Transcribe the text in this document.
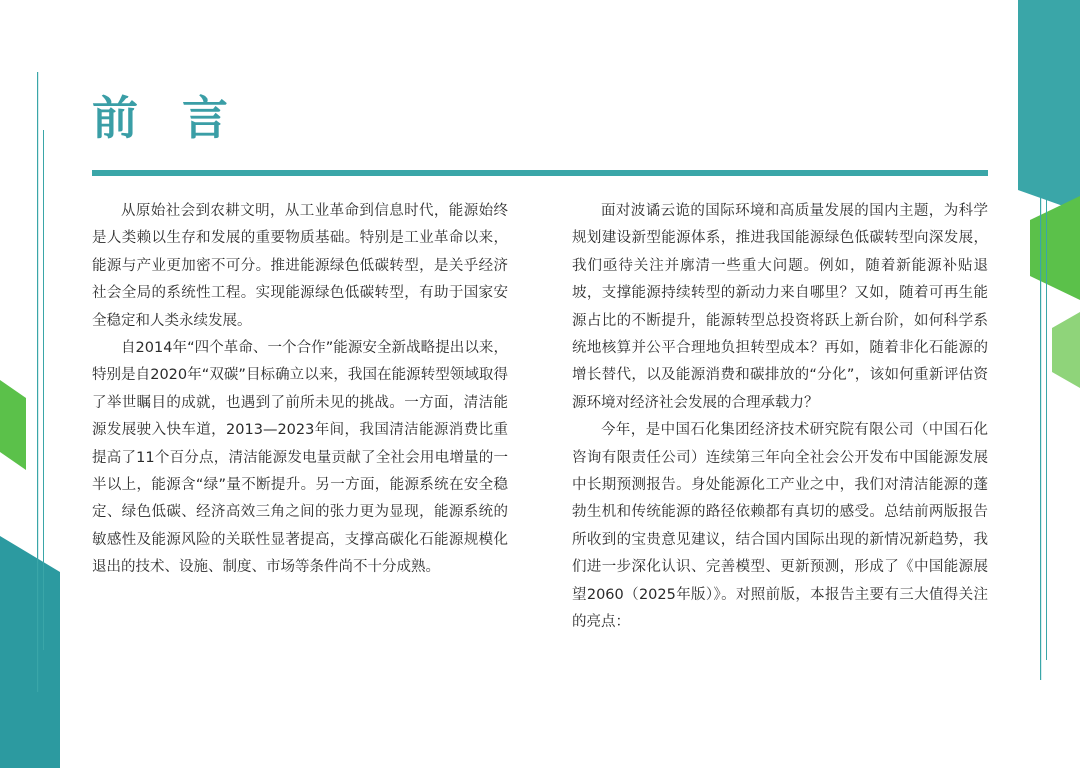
前 言

从原始社会到农耕文明，从工业革命到信息时代，能源始终是人类赖以生存和发展的重要物质基础。特别是工业革命以来，能源与产业更加密不可分。推进能源绿色低碳转型，是关乎经济社会全局的系统性工程。实现能源绿色低碳转型，有助于国家安全稳定和人类永续发展。

自2014年“四个革命、一个合作”能源安全新战略提出以来，特别是自2020年“双碳”目标确立以来，我国在能源转型领域取得了举世瞩目的成就，也遇到了前所未见的挑战。一方面，清洁能源发展驶入快车道，2013—2023年间，我国清洁能源消费比重提高了11个百分点，清洁能源发电量贡献了全社会用电增量的一半以上，能源含“绿”量不断提升。另一方面，能源系统在安全稳定、绿色低碳、经济高效三角之间的张力更为显现，能源系统的敏感性及能源风险的关联性显著提高，支撑高碳化石能源规模化退出的技术、设施、制度、市场等条件尚不十分成熟。

面对波谲云诡的国际环境和高质量发展的国内主题，为科学规划建设新型能源体系，推进我国能源绿色低碳转型向深发展，我们亟待关注并廓清一些重大问题。例如，随着新能源补贴退坡，支撑能源持续转型的新动力来自哪里？又如，随着可再生能源占比的不断提升，能源转型总投资将跃上新台阶，如何科学系统地核算并公平合理地负担转型成本？再如，随着非化石能源的增长替代，以及能源消费和碳排放的“分化”，该如何重新评估资源环境对经济社会发展的合理承载力？

今年，是中国石化集团经济技术研究院有限公司（中国石化咨询有限责任公司）连续第三年向全社会公开发布中国能源发展中长期预测报告。身处能源化工产业之中，我们对清洁能源的蓬勃生机和传统能源的路径依赖都有真切的感受。总结前两版报告所收到的宝贵意见建议，结合国内国际出现的新情况新趋势，我们进一步深化认识、完善模型、更新预测，形成了《中国能源展望2060（2025年版）》。对照前版，本报告主要有三大值得关注的亮点：
